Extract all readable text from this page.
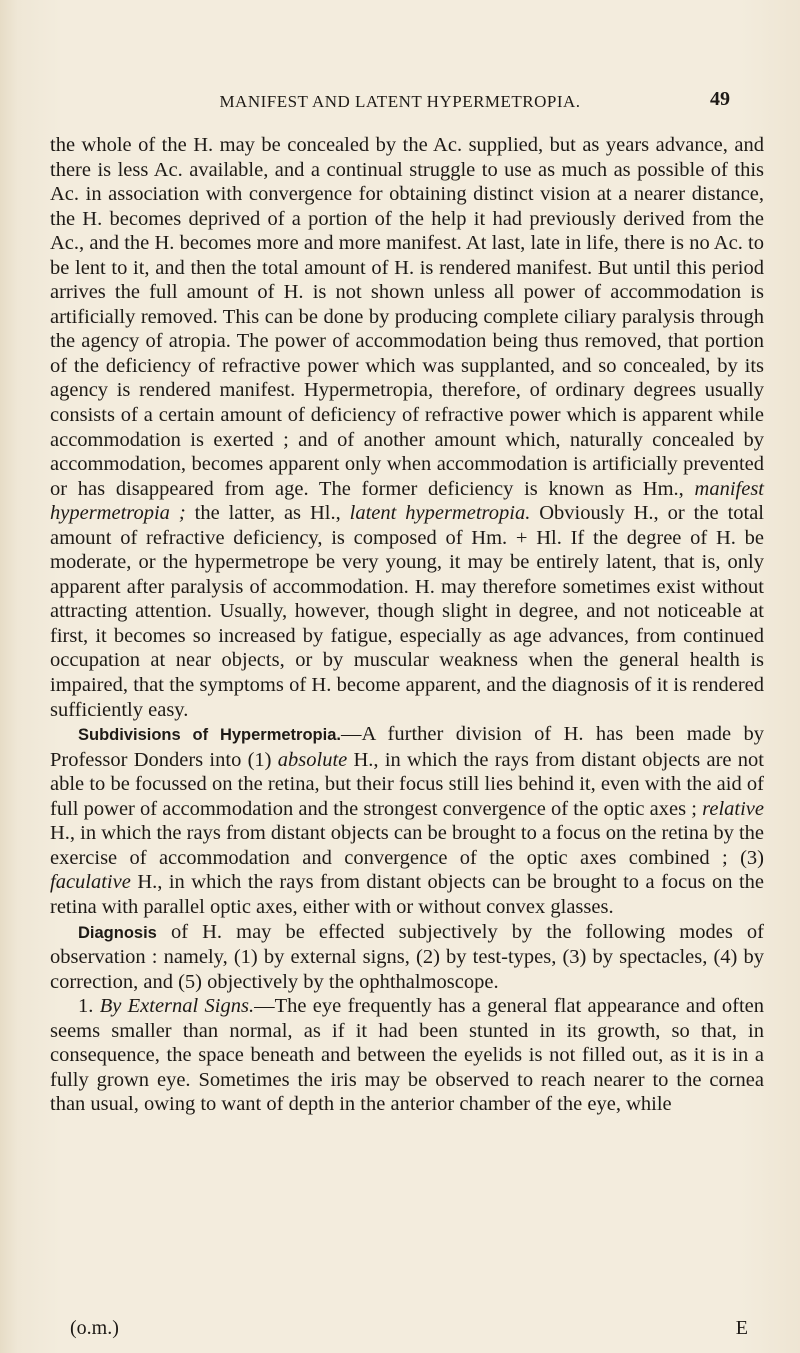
MANIFEST AND LATENT HYPERMETROPIA.	49

the whole of the H. may be concealed by the Ac. supplied, but as years advance, and there is less Ac. available, and a continual struggle to use as much as possible of this Ac. in association with convergence for obtaining distinct vision at a nearer distance, the H. becomes deprived of a portion of the help it had previously derived from the Ac., and the H. becomes more and more manifest. At last, late in life, there is no Ac. to be lent to it, and then the total amount of H. is rendered manifest. But until this period arrives the full amount of H. is not shown unless all power of accommodation is artificially removed. This can be done by producing complete ciliary paralysis through the agency of atropia. The power of accommodation being thus removed, that portion of the deficiency of refractive power which was supplanted, and so concealed, by its agency is rendered manifest. Hypermetropia, therefore, of ordinary degrees usually consists of a certain amount of deficiency of refractive power which is apparent while accommodation is exerted ; and of another amount which, naturally concealed by accommodation, becomes apparent only when accommodation is artificially prevented or has disappeared from age. The former deficiency is known as Hm., manifest hypermetropia ; the latter, as Hl., latent hypermetropia. Obviously H., or the total amount of refractive deficiency, is composed of Hm. + Hl. If the degree of H. be moderate, or the hypermetrope be very young, it may be entirely latent, that is, only apparent after paralysis of accommodation. H. may therefore sometimes exist without attracting attention. Usually, however, though slight in degree, and not noticeable at first, it becomes so increased by fatigue, especially as age advances, from continued occupation at near objects, or by muscular weakness when the general health is impaired, that the symptoms of H. become apparent, and the diagnosis of it is rendered sufficiently easy.

Subdivisions of Hypermetropia.—A further division of H. has been made by Professor Donders into (1) absolute H., in which the rays from distant objects are not able to be focussed on the retina, but their focus still lies behind it, even with the aid of full power of accommodation and the strongest convergence of the optic axes ; relative H., in which the rays from distant objects can be brought to a focus on the retina by the exercise of accommodation and convergence of the optic axes combined ; (3) faculative H., in which the rays from distant objects can be brought to a focus on the retina with parallel optic axes, either with or without convex glasses.

Diagnosis of H. may be effected subjectively by the following modes of observation : namely, (1) by external signs, (2) by test-types, (3) by spectacles, (4) by correction, and (5) objectively by the ophthalmoscope.

1. By External Signs.—The eye frequently has a general flat appearance and often seems smaller than normal, as if it had been stunted in its growth, so that, in consequence, the space beneath and between the eyelids is not filled out, as it is in a fully grown eye. Sometimes the iris may be observed to reach nearer to the cornea than usual, owing to want of depth in the anterior chamber of the eye, while

(o.m.)	E
